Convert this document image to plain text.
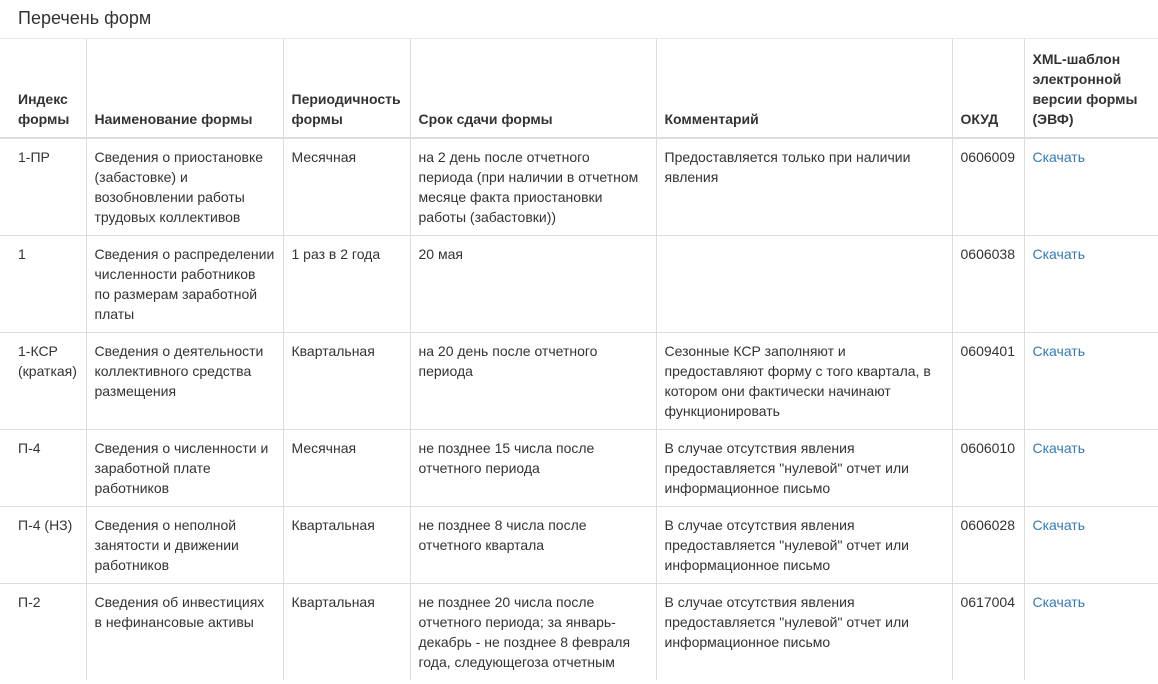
Перечень форм
Индекс формы	Наименование формы	Периодичность формы	Срок сдачи формы	Комментарий	ОКУД	XML-шаблон электронной версии формы (ЭВФ)
1-ПР	Сведения о приостановке (забастовке) и возобновлении работы трудовых коллективов	Месячная	на 2 день после отчетного периода (при наличии в отчетном месяце факта приостановки работы (забастовки))	Предоставляется только при наличии явления	0606009	Скачать
1	Сведения о распределении численности работников по размерам заработной платы	1 раз в 2 года	20 мая		0606038	Скачать
1-КСР (краткая)	Сведения о деятельности коллективного средства размещения	Квартальная	на 20 день после отчетного периода	Сезонные КСР заполняют и предоставляют форму с того квартала, в котором они фактически начинают функционировать	0609401	Скачать
П-4	Сведения о численности и заработной плате работников	Месячная	не позднее 15 числа после отчетного периода	В случае отсутствия явления предоставляется "нулевой" отчет или информационное письмо	0606010	Скачать
П-4 (НЗ)	Сведения о неполной занятости и движении работников	Квартальная	не позднее 8 числа после отчетного квартала	В случае отсутствия явления предоставляется "нулевой" отчет или информационное письмо	0606028	Скачать
П-2	Сведения об инвестициях в нефинансовые активы	Квартальная	не позднее 20 числа после отчетного периода; за январь-декабрь - не позднее 8 февраля года, следующегоза отчетным	В случае отсутствия явления предоставляется "нулевой" отчет или информационное письмо	0617004	Скачать
